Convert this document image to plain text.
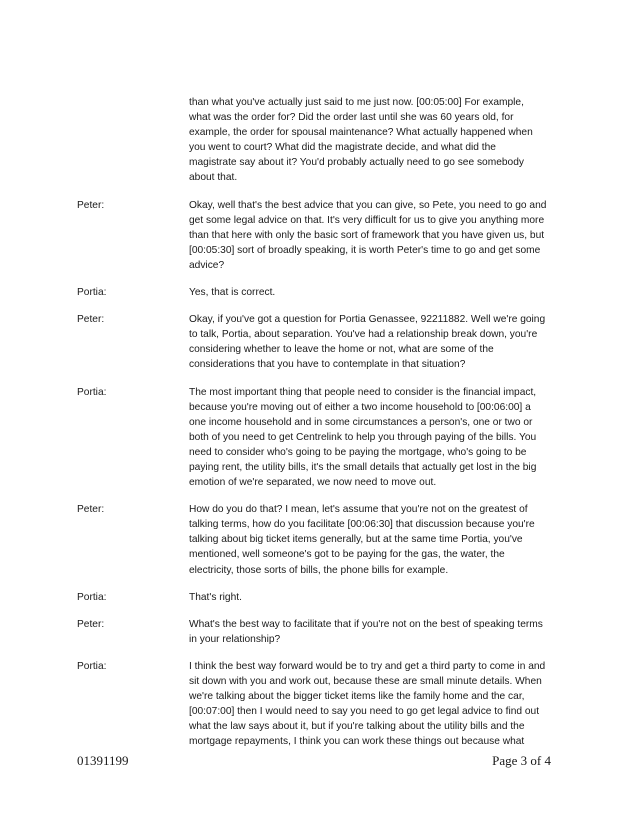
than what you've actually just said to me just now. [00:05:00] For example,
what was the order for? Did the order last until she was 60 years old, for
example, the order for spousal maintenance? What actually happened when
you went to court? What did the magistrate decide, and what did the
magistrate say about it? You'd probably actually need to go see somebody
about that.
Peter:	Okay, well that's the best advice that you can give, so Pete, you need to go and
get some legal advice on that. It's very difficult for us to give you anything more
than that here with only the basic sort of framework that you have given us, but
[00:05:30] sort of broadly speaking, it is worth Peter's time to go and get some
advice?
Portia:	Yes, that is correct.
Peter:	Okay, if you've got a question for Portia Genassee, 92211882. Well we're going
to talk, Portia, about separation. You've had a relationship break down, you're
considering whether to leave the home or not, what are some of the
considerations that you have to contemplate in that situation?
Portia:	The most important thing that people need to consider is the financial impact,
because you're moving out of either a two income household to [00:06:00] a
one income household and in some circumstances a person's, one or two or
both of you need to get Centrelink to help you through paying of the bills. You
need to consider who's going to be paying the mortgage, who's going to be
paying rent, the utility bills, it's the small details that actually get lost in the big
emotion of we're separated, we now need to move out.
Peter:	How do you do that? I mean, let's assume that you're not on the greatest of
talking terms, how do you facilitate [00:06:30] that discussion because you're
talking about big ticket items generally, but at the same time Portia, you've
mentioned, well someone's got to be paying for the gas, the water, the
electricity, those sorts of bills, the phone bills for example.
Portia:	That's right.
Peter:	What's the best way to facilitate that if you're not on the best of speaking terms
in your relationship?
Portia:	I think the best way forward would be to try and get a third party to come in and
sit down with you and work out, because these are small minute details. When
we're talking about the bigger ticket items like the family home and the car,
[00:07:00] then I would need to say you need to go get legal advice to find out
what the law says about it, but if you're talking about the utility bills and the
mortgage repayments, I think you can work these things out because what
01391199	Page 3 of 4
